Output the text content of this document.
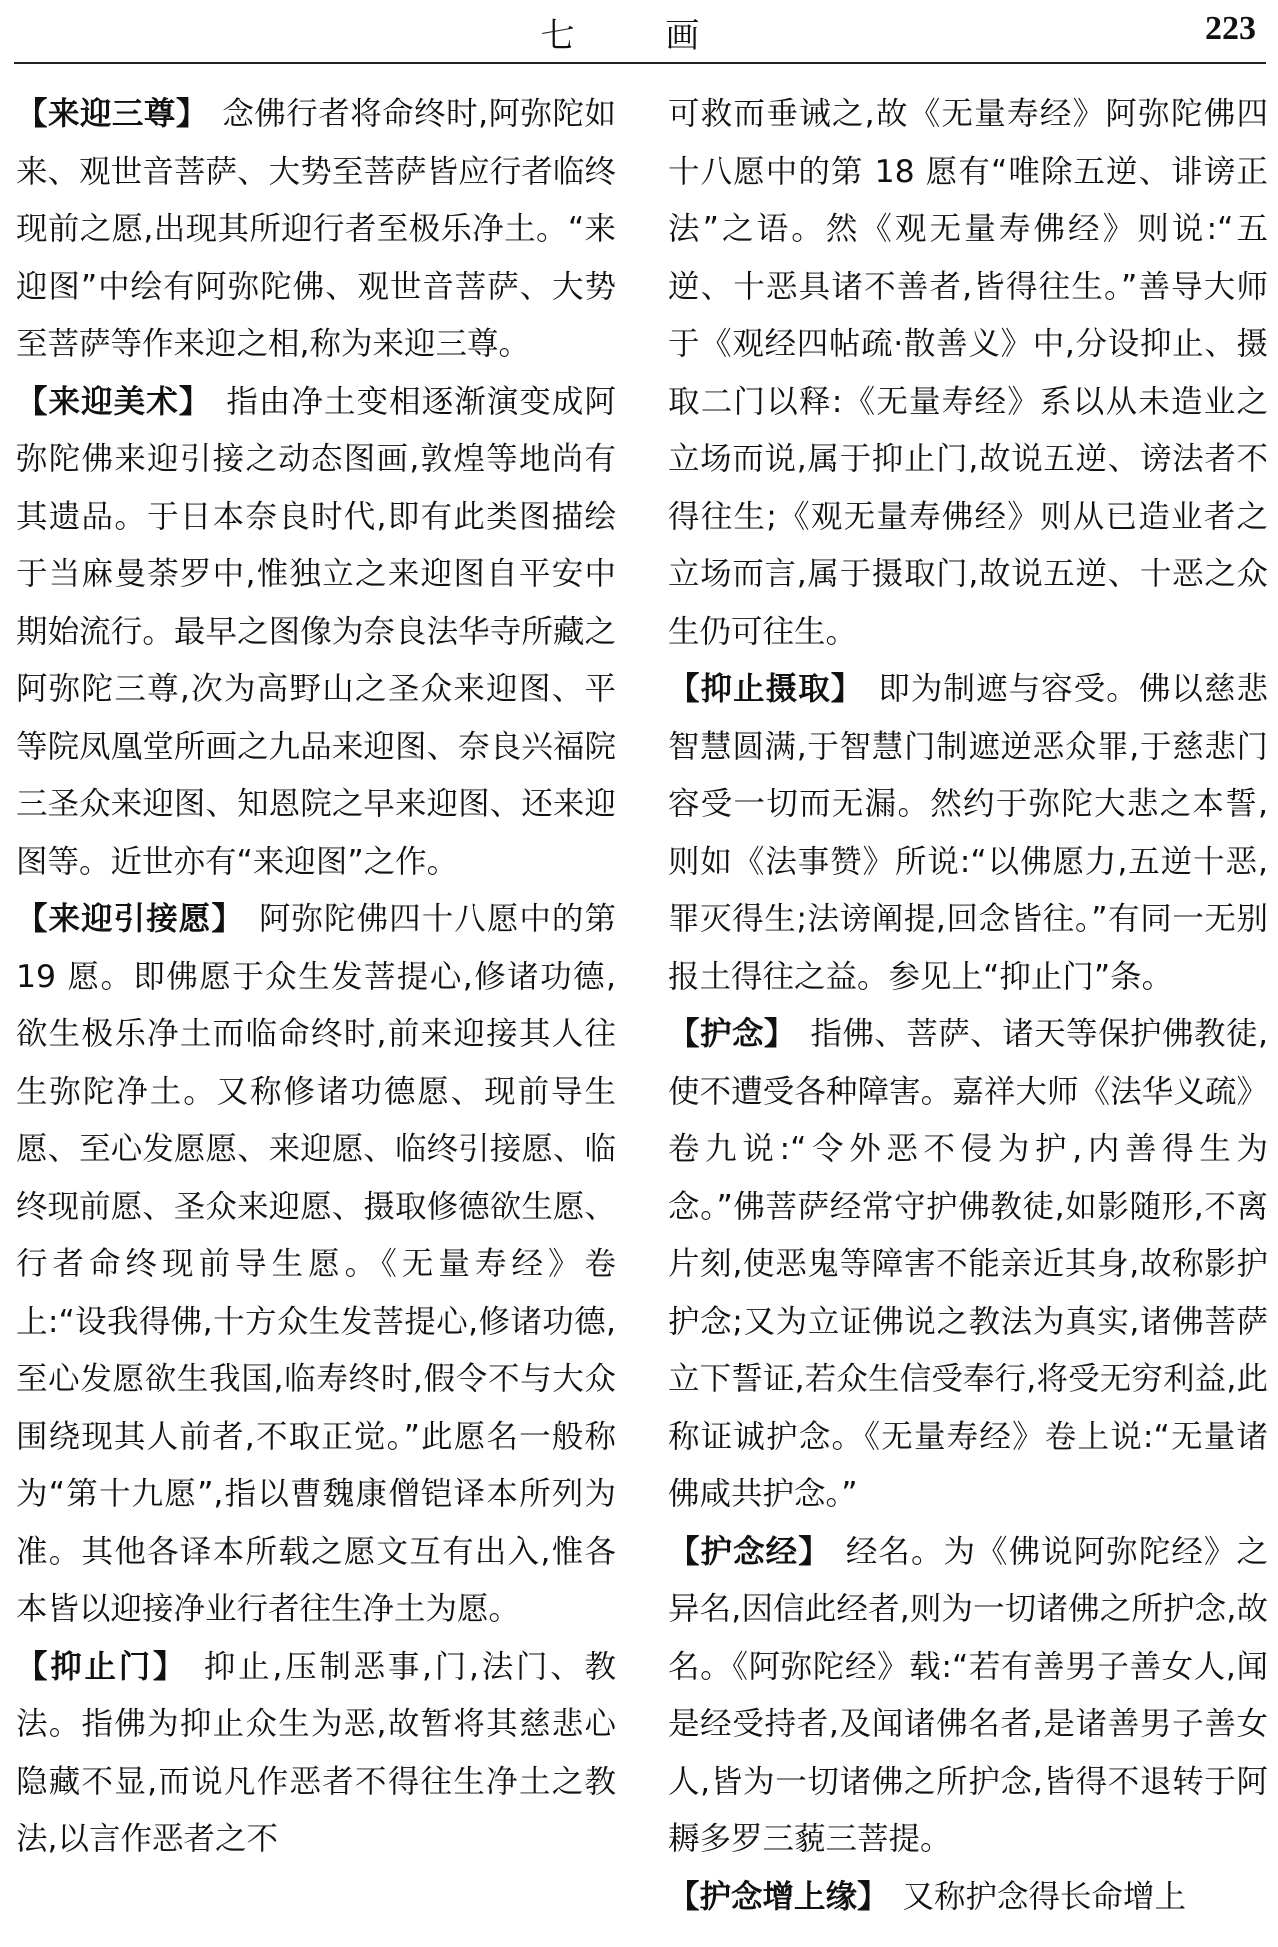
七 画	223

【来迎三尊】 念佛行者将命终时,阿弥陀如来、观世音菩萨、大势至菩萨皆应行者临终现前之愿,出现其所迎行者至极乐净土。“来迎图”中绘有阿弥陀佛、观世音菩萨、大势至菩萨等作来迎之相,称为来迎三尊。

【来迎美术】 指由净土变相逐渐演变成阿弥陀佛来迎引接之动态图画,敦煌等地尚有其遗品。于日本奈良时代,即有此类图描绘于当麻曼荼罗中,惟独立之来迎图自平安中期始流行。最早之图像为奈良法华寺所藏之阿弥陀三尊,次为高野山之圣众来迎图、平等院凤凰堂所画之九品来迎图、奈良兴福院三圣众来迎图、知恩院之早来迎图、还来迎图等。近世亦有“来迎图”之作。

【来迎引接愿】 阿弥陀佛四十八愿中的第 19 愿。即佛愿于众生发菩提心,修诸功德,欲生极乐净土而临命终时,前来迎接其人往生弥陀净土。又称修诸功德愿、现前导生愿、至心发愿愿、来迎愿、临终引接愿、临终现前愿、圣众来迎愿、摄取修德欲生愿、行者命终现前导生愿。《无量寿经》卷上:“设我得佛,十方众生发菩提心,修诸功德,至心发愿欲生我国,临寿终时,假令不与大众围绕现其人前者,不取正觉。”此愿名一般称为“第十九愿”,指以曹魏康僧铠译本所列为准。其他各译本所载之愿文互有出入,惟各本皆以迎接净业行者往生净土为愿。

【抑止门】 抑止,压制恶事,门,法门、教法。指佛为抑止众生为恶,故暂将其慈悲心隐藏不显,而说凡作恶者不得往生净土之教法,以言作恶者之不

可救而垂诫之,故《无量寿经》阿弥陀佛四十八愿中的第 18 愿有“唯除五逆、诽谤正法”之语。然《观无量寿佛经》则说:“五逆、十恶具诸不善者,皆得往生。”善导大师于《观经四帖疏·散善义》中,分设抑止、摄取二门以释:《无量寿经》系以从未造业之立场而说,属于抑止门,故说五逆、谤法者不得往生;《观无量寿佛经》则从已造业者之立场而言,属于摄取门,故说五逆、十恶之众生仍可往生。

【抑止摄取】 即为制遮与容受。佛以慈悲智慧圆满,于智慧门制遮逆恶众罪,于慈悲门容受一切而无漏。然约于弥陀大悲之本誓,则如《法事赞》所说:“以佛愿力,五逆十恶,罪灭得生;法谤阐提,回念皆往。”有同一无别报土得往之益。参见上“抑止门”条。

【护念】 指佛、菩萨、诸天等保护佛教徒,使不遭受各种障害。嘉祥大师《法华义疏》卷九说:“令外恶不侵为护,内善得生为念。”佛菩萨经常守护佛教徒,如影随形,不离片刻,使恶鬼等障害不能亲近其身,故称影护护念;又为立证佛说之教法为真实,诸佛菩萨立下誓证,若众生信受奉行,将受无穷利益,此称证诚护念。《无量寿经》卷上说:“无量诸佛咸共护念。”

【护念经】 经名。为《佛说阿弥陀经》之异名,因信此经者,则为一切诸佛之所护念,故名。《阿弥陀经》载:“若有善男子善女人,闻是经受持者,及闻诸佛名者,是诸善男子善女人,皆为一切诸佛之所护念,皆得不退转于阿耨多罗三藐三菩提。

【护念增上缘】 又称护念得长命增上
